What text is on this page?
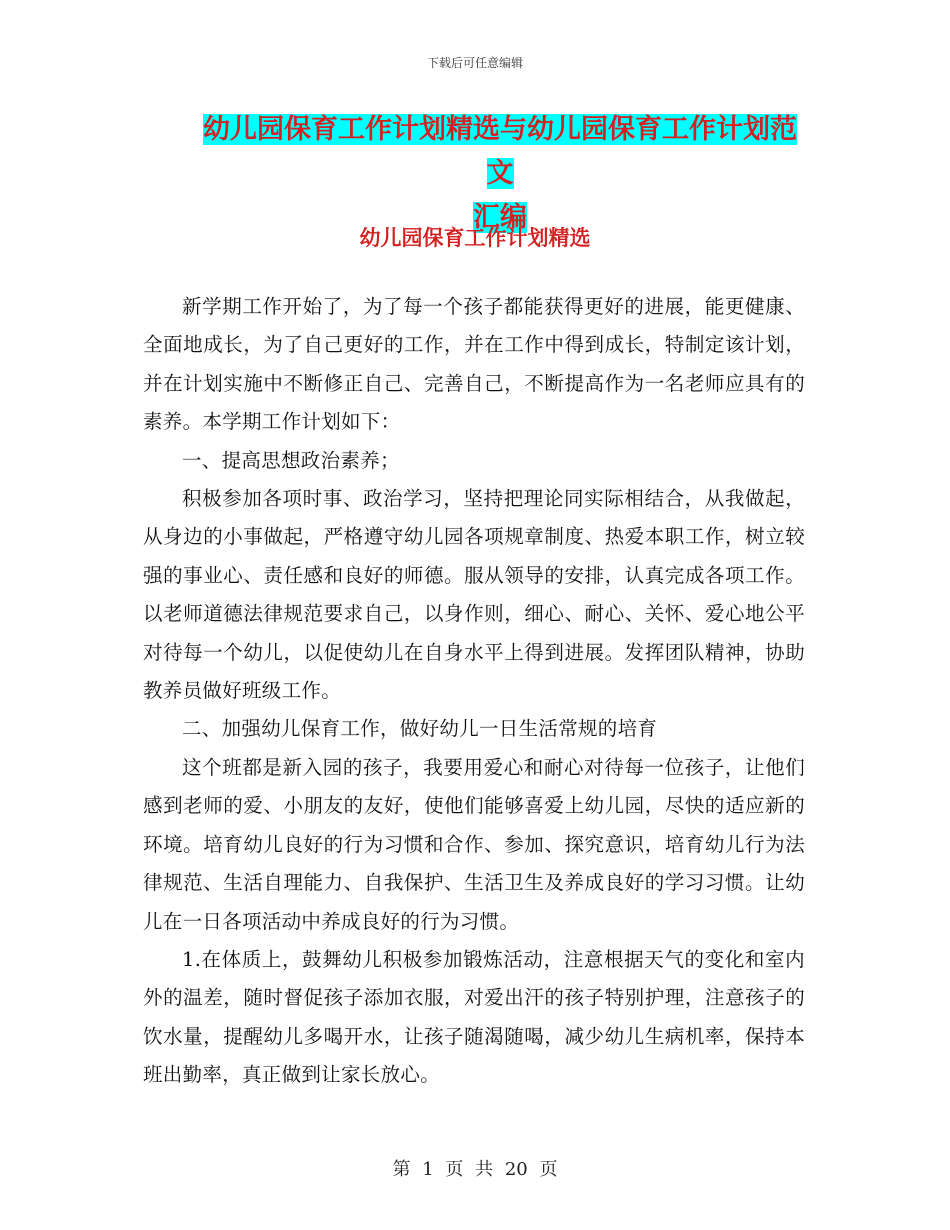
下载后可任意编辑
幼儿园保育工作计划精选与幼儿园保育工作计划范文
汇编
幼儿园保育工作计划精选

新学期工作开始了，为了每一个孩子都能获得更好的进展，能更健康、全面地成长，为了自己更好的工作，并在工作中得到成长，特制定该计划，并在计划实施中不断修正自己、完善自己，不断提高作为一名老师应具有的素养。本学期工作计划如下：

一、提高思想政治素养；

积极参加各项时事、政治学习，坚持把理论同实际相结合，从我做起，从身边的小事做起，严格遵守幼儿园各项规章制度、热爱本职工作，树立较强的事业心、责任感和良好的师德。服从领导的安排，认真完成各项工作。以老师道德法律规范要求自己，以身作则，细心、耐心、关怀、爱心地公平对待每一个幼儿，以促使幼儿在自身水平上得到进展。发挥团队精神，协助教养员做好班级工作。

二、加强幼儿保育工作，做好幼儿一日生活常规的培育

这个班都是新入园的孩子，我要用爱心和耐心对待每一位孩子，让他们感到老师的爱、小朋友的友好，使他们能够喜爱上幼儿园，尽快的适应新的环境。培育幼儿良好的行为习惯和合作、参加、探究意识，培育幼儿行为法律规范、生活自理能力、自我保护、生活卫生及养成良好的学习习惯。让幼儿在一日各项活动中养成良好的行为习惯。

1.在体质上，鼓舞幼儿积极参加锻炼活动，注意根据天气的变化和室内外的温差，随时督促孩子添加衣服，对爱出汗的孩子特别护理，注意孩子的饮水量，提醒幼儿多喝开水，让孩子随渴随喝，减少幼儿生病机率，保持本班出勤率，真正做到让家长放心。

第 1 页 共 20 页
